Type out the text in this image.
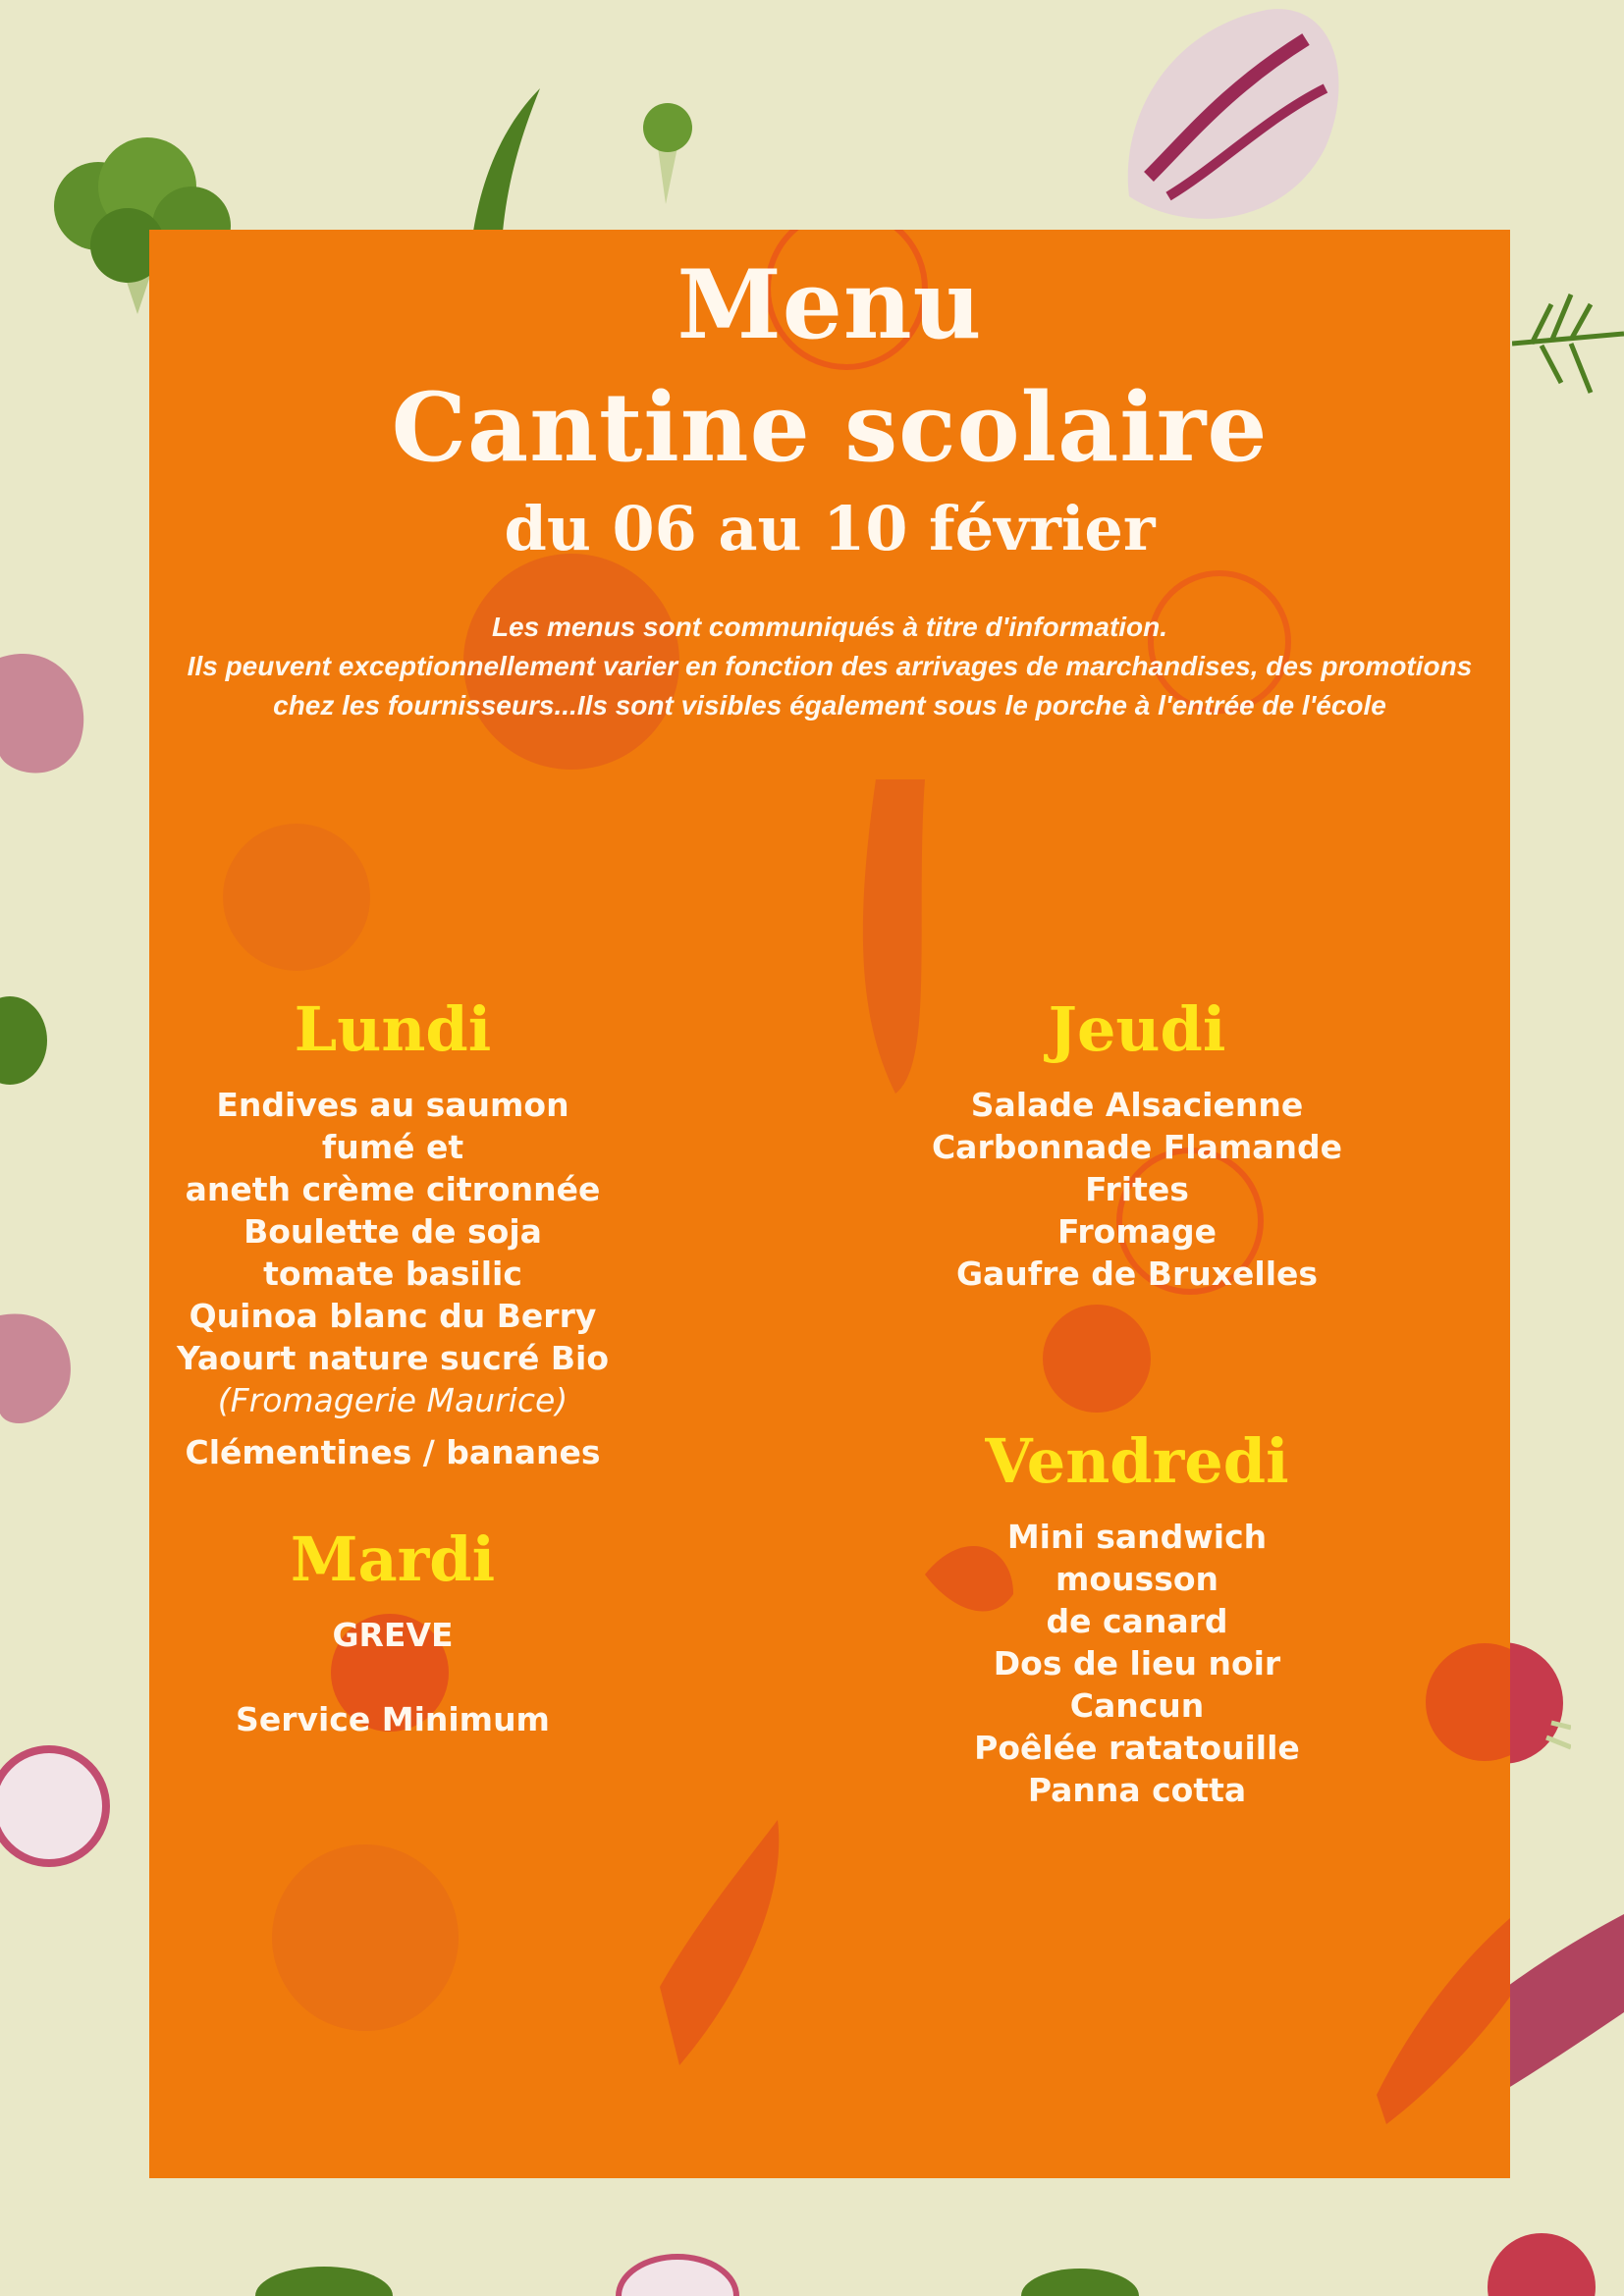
Menu
Cantine scolaire
du 06 au 10 février
Les menus sont communiqués à titre d'information.
Ils peuvent exceptionnellement varier en fonction des arrivages de marchandises, des promotions
chez les fournisseurs...Ils sont visibles également sous le porche à l'entrée de l'école
Lundi

Endives au saumon fumé et

aneth crème citronnée

Boulette de soja tomate basilic

Quinoa blanc du Berry

Yaourt nature sucré Bio

(Fromagerie Maurice)

Clémentines / bananes

Mardi

GREVE

Service Minimum

Jeudi

Salade Alsacienne

Carbonnade Flamande

Frites

Fromage

Gaufre de Bruxelles

Vendredi

Mini sandwich mousson

de canard

Dos de lieu noir Cancun

Poêlée ratatouille

Panna cotta
